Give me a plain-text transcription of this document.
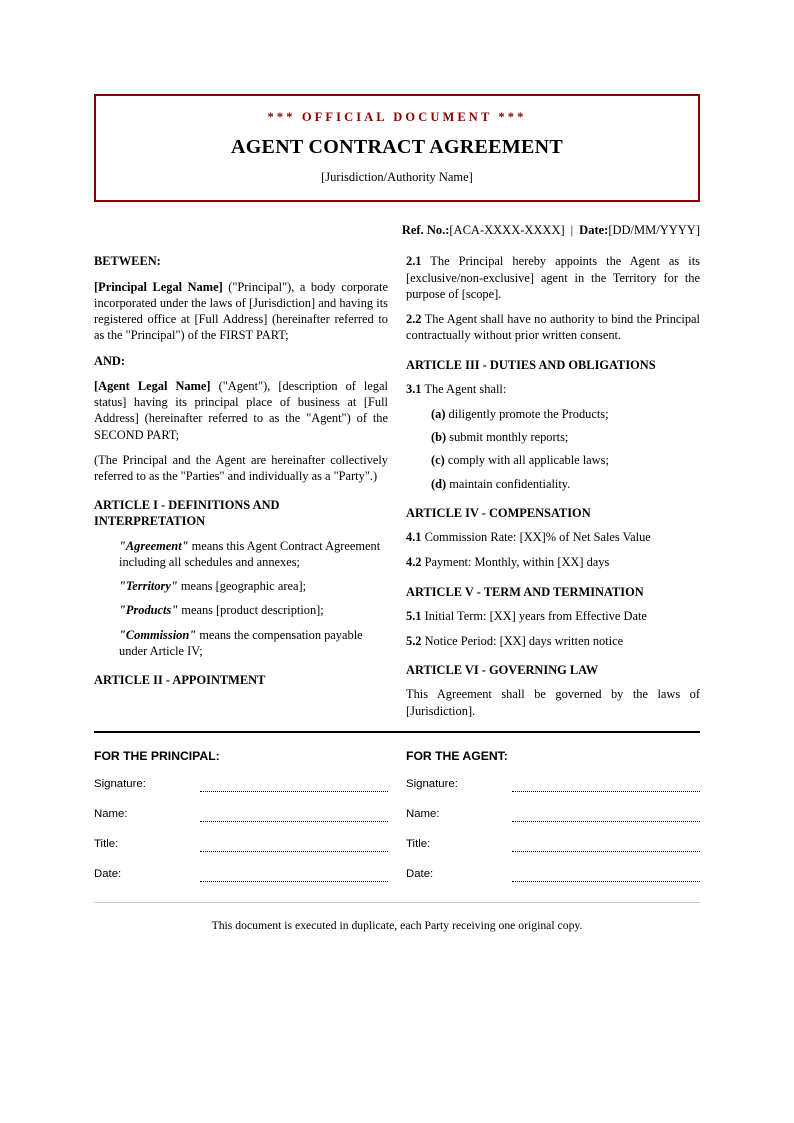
*** OFFICIAL DOCUMENT ***
AGENT CONTRACT AGREEMENT
[Jurisdiction/Authority Name]
Ref. No.:[ACA-XXXX-XXXX] | Date:[DD/MM/YYYY]

BETWEEN:

[Principal Legal Name] ("Principal"), a body corporate incorporated under the laws of [Jurisdiction] and having its registered office at [Full Address] (hereinafter referred to as the "Principal") of the FIRST PART;

AND:

[Agent Legal Name] ("Agent"), [description of legal status] having its principal place of business at [Full Address] (hereinafter referred to as the "Agent") of the SECOND PART;

(The Principal and the Agent are hereinafter collectively referred to as the "Parties" and individually as a "Party".)

ARTICLE I - DEFINITIONS AND INTERPRETATION
"Agreement" means this Agent Contract Agreement including all schedules and annexes;
"Territory" means [geographic area];
"Products" means [product description];
"Commission" means the compensation payable under Article IV;
ARTICLE II - APPOINTMENT

2.1 The Principal hereby appoints the Agent as its [exclusive/non-exclusive] agent in the Territory for the purpose of [scope].

2.2 The Agent shall have no authority to bind the Principal contractually without prior written consent.

ARTICLE III - DUTIES AND OBLIGATIONS

3.1 The Agent shall:

(a) diligently promote the Products;
(b) submit monthly reports;
(c) comply with all applicable laws;
(d) maintain confidentiality.
ARTICLE IV - COMPENSATION

4.1 Commission Rate: [XX]% of Net Sales Value

4.2 Payment: Monthly, within [XX] days

ARTICLE V - TERM AND TERMINATION

5.1 Initial Term: [XX] years from Effective Date

5.2 Notice Period: [XX] days written notice

ARTICLE VI - GOVERNING LAW

This Agreement shall be governed by the laws of [Jurisdiction].

FOR THE PRINCIPAL:
Signature:
Name:
Title:
Date:
FOR THE AGENT:
Signature:
Name:
Title:
Date:

This document is executed in duplicate, each Party receiving one original copy.
